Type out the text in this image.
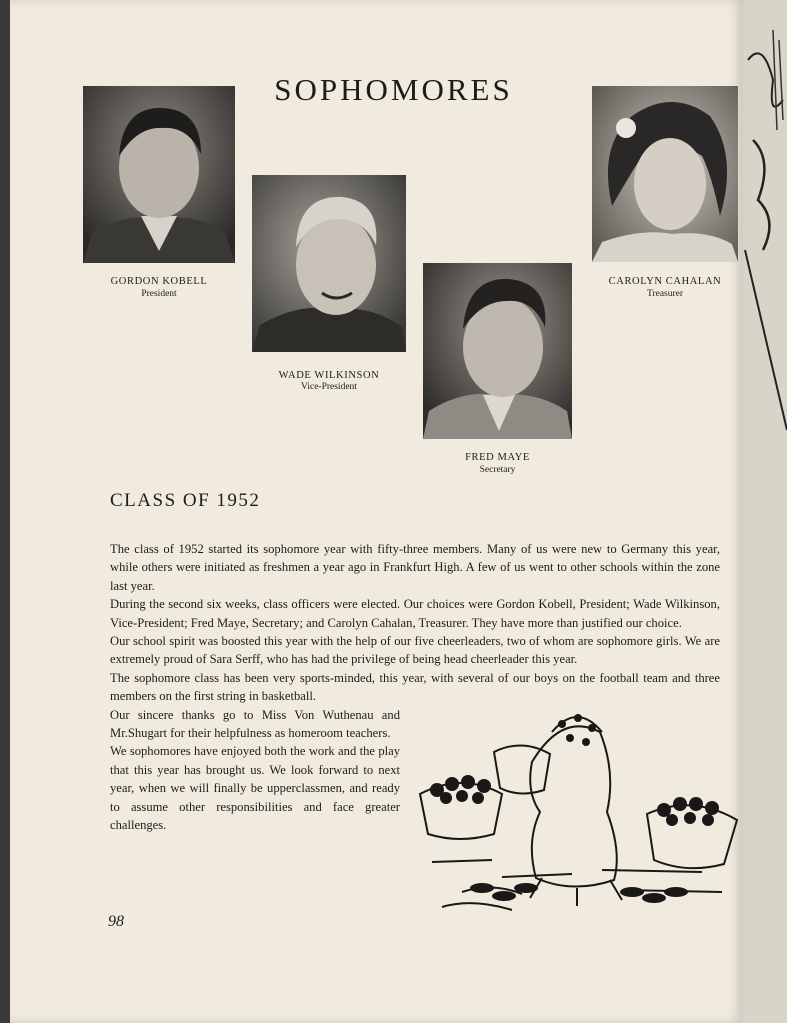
SOPHOMORES
GORDON KOBELL
President
WADE WILKINSON
Vice-President
FRED MAYE
Secretary
CAROLYN CAHALAN
Treasurer
CLASS OF 1952

The class of 1952 started its sophomore year with fifty-three members. Many of us were new to Germany this year, while others were initiated as freshmen a year ago in Frankfurt High. A few of us went to other schools within the zone last year.

During the second six weeks, class officers were elected. Our choices were Gordon Kobell, President; Wade Wilkinson, Vice-President; Fred Maye, Secretary; and Carolyn Cahalan, Treasurer. They have more than justified our choice.

Our school spirit was boosted this year with the help of our five cheerleaders, two of whom are sophomore girls. We are extremely proud of Sara Serff, who has had the privilege of being head cheerleader this year.

The sophomore class has been very sports-minded, this year, with several of our boys on the football team and three members on the first string in basketball.

Our sincere thanks go to Miss Von Wuthenau and Mr.Shugart for their helpfulness as homeroom teachers.

We sophomores have enjoyed both the work and the play that this year has brought us. We look forward to next year, when we will finally be upperclassmen, and ready to assume other responsibilities and face greater challenges.

98
